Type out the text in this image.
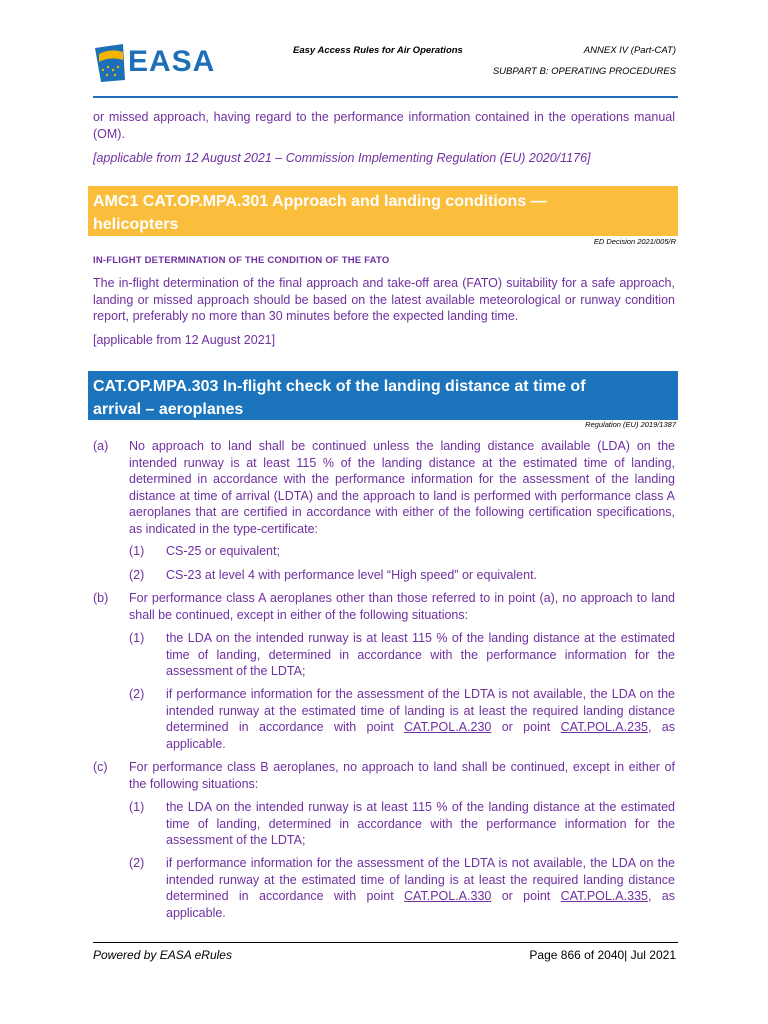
EASA	Easy Access Rules for Air Operations	ANNEX IV (Part-CAT)
SUBPART B: OPERATING PROCEDURES
or missed approach, having regard to the performance information contained in the operations manual (OM).
[applicable from 12 August 2021 – Commission Implementing Regulation (EU) 2020/1176]
AMC1 CAT.OP.MPA.301 Approach and landing conditions —
helicopters
ED Decision 2021/005/R
IN-FLIGHT DETERMINATION OF THE CONDITION OF THE FATO
The in-flight determination of the final approach and take-off area (FATO) suitability for a safe approach, landing or missed approach should be based on the latest available meteorological or runway condition report, preferably no more than 30 minutes before the expected landing time.
[applicable from 12 August 2021]
CAT.OP.MPA.303 In-flight check of the landing distance at time of
arrival – aeroplanes
Regulation (EU) 2019/1387
(a) No approach to land shall be continued unless the landing distance available (LDA) on the intended runway is at least 115 % of the landing distance at the estimated time of landing, determined in accordance with the performance information for the assessment of the landing distance at time of arrival (LDTA) and the approach to land is performed with performance class A aeroplanes that are certified in accordance with either of the following certification specifications, as indicated in the type-certificate:
(1) CS-25 or equivalent;
(2) CS-23 at level 4 with performance level “High speed” or equivalent.
(b) For performance class A aeroplanes other than those referred to in point (a), no approach to land shall be continued, except in either of the following situations:
(1) the LDA on the intended runway is at least 115 % of the landing distance at the estimated time of landing, determined in accordance with the performance information for the assessment of the LDTA;
(2) if performance information for the assessment of the LDTA is not available, the LDA on the intended runway at the estimated time of landing is at least the required landing distance determined in accordance with point CAT.POL.A.230 or point CAT.POL.A.235, as applicable.
(c) For performance class B aeroplanes, no approach to land shall be continued, except in either of the following situations:
(1) the LDA on the intended runway is at least 115 % of the landing distance at the estimated time of landing, determined in accordance with the performance information for the assessment of the LDTA;
(2) if performance information for the assessment of the LDTA is not available, the LDA on the intended runway at the estimated time of landing is at least the required landing distance determined in accordance with point CAT.POL.A.330 or point CAT.POL.A.335, as applicable.
Powered by EASA eRules	Page 866 of 2040| Jul 2021
